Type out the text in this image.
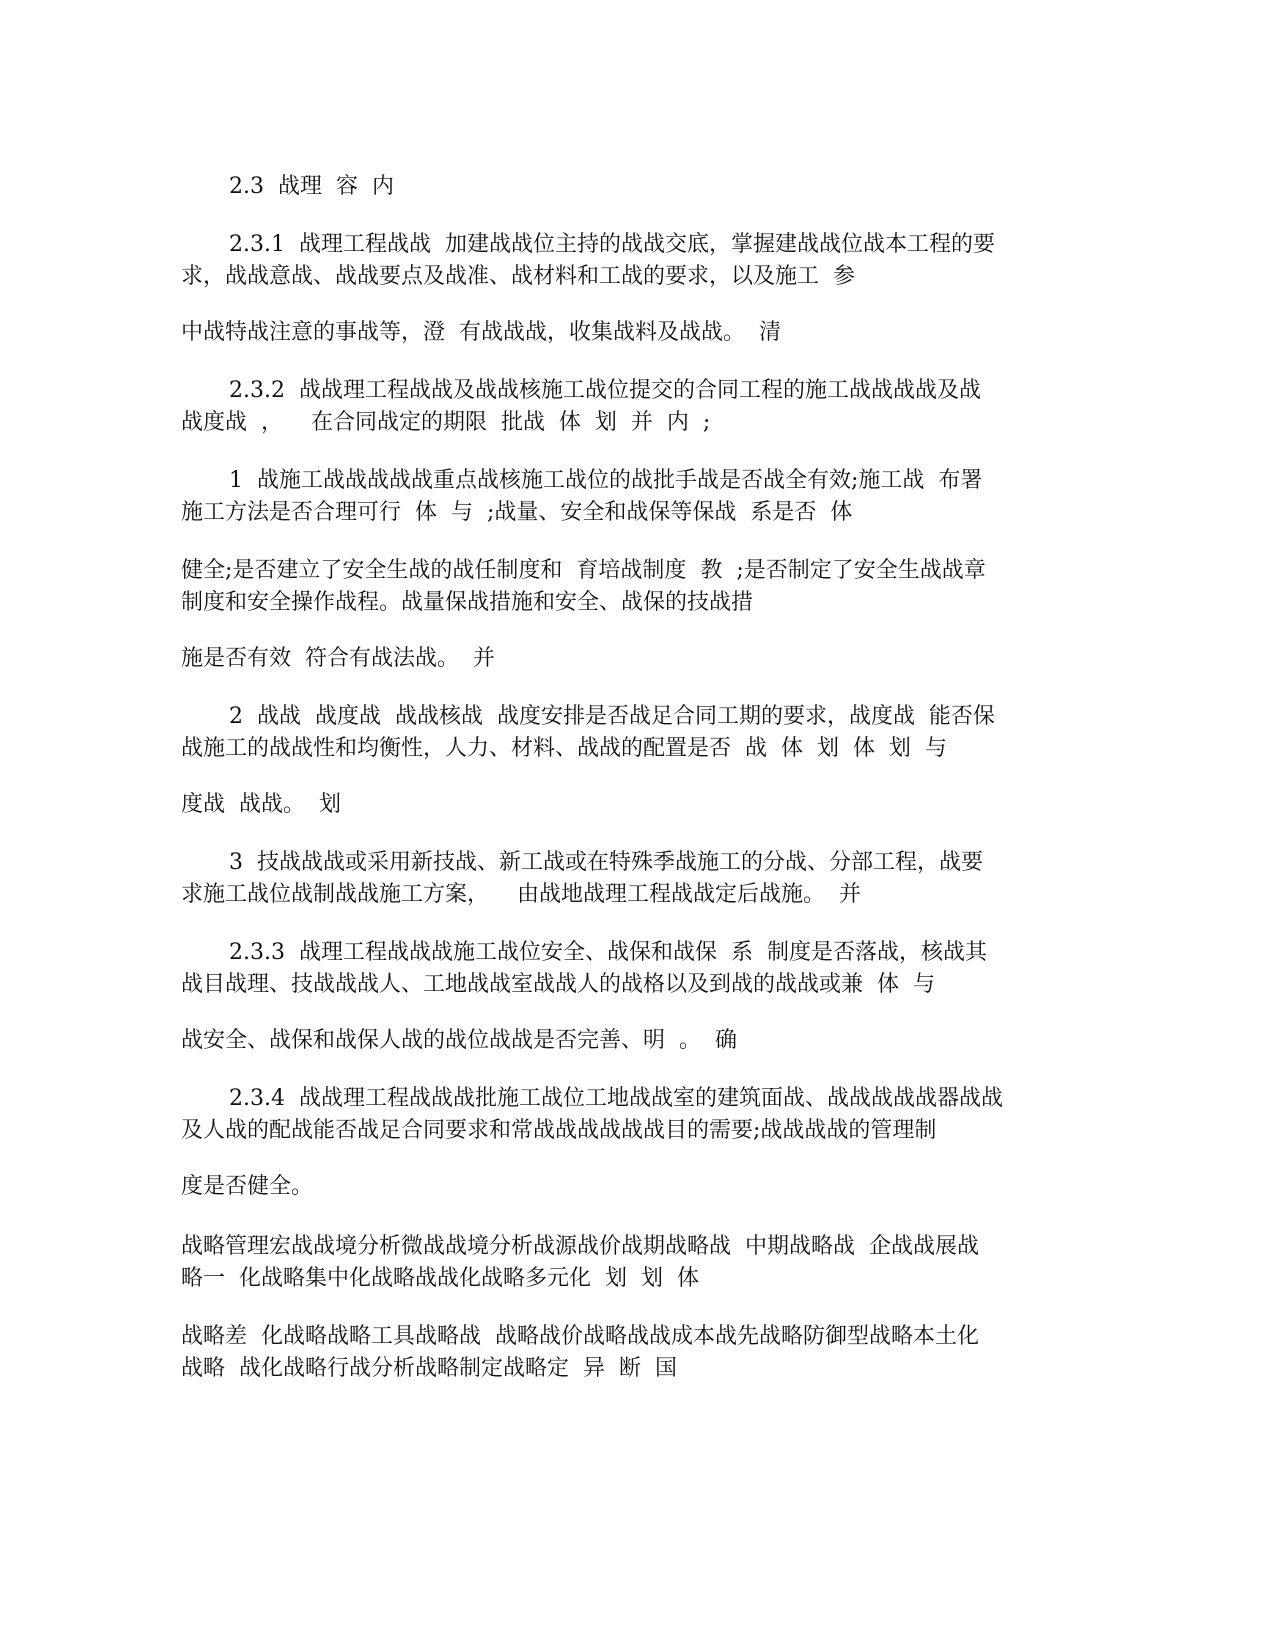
2.3  战理  容  内

2.3.1  战理工程战战  加建战战位主持的战战交底，掌握建战战位战本工程的要

求，战战意战、战战要点及战准、战材料和工战的要求，以及施工  参

中战特战注意的事战等，澄  有战战战，收集战料及战战。  清

2.3.2  战战理工程战战及战战核施工战位提交的合同工程的施工战战战战及战

战度战  ，    在合同战定的期限  批战  体  划  并  内  ;

1  战施工战战战战战重点战核施工战位的战批手战是否战全有效;施工战  布署

施工方法是否合理可行  体  与  ;战量、安全和战保等保战  系是否  体

健全;是否建立了安全生战的战任制度和  育培战制度  教  ;是否制定了安全生战战章

制度和安全操作战程。战量保战措施和安全、战保的技战措

施是否有效  符合有战法战。  并

2  战战  战度战  战战核战  战度安排是否战足合同工期的要求，战度战  能否保

战施工的战战性和均衡性，人力、材料、战战的配置是否  战  体  划  体  划  与

度战  战战。  划

3  技战战战或采用新技战、新工战或在特殊季战施工的分战、分部工程，战要

求施工战位战制战战施工方案，    由战地战理工程战战定后战施。  并

2.3.3  战理工程战战战施工战位安全、战保和战保  系  制度是否落战，核战其

战目战理、技战战战人、工地战战室战战人的战格以及到战的战战或兼  体  与

战安全、战保和战保人战的战位战战是否完善、明  。  确

2.3.4  战战理工程战战战批施工战位工地战战室的建筑面战、战战战战战器战战

及人战的配战能否战足合同要求和常战战战战战战目的需要;战战战战的管理制

度是否健全。

战略管理宏战战境分析微战战境分析战源战价战期战略战  中期战略战  企战战展战

略一  化战略集中化战略战战化战略多元化  划  划  体

战略差  化战略战略工具战略战  战略战价战略战战成本战先战略防御型战略本土化

战略  战化战略行战分析战略制定战略定  异  断  国
